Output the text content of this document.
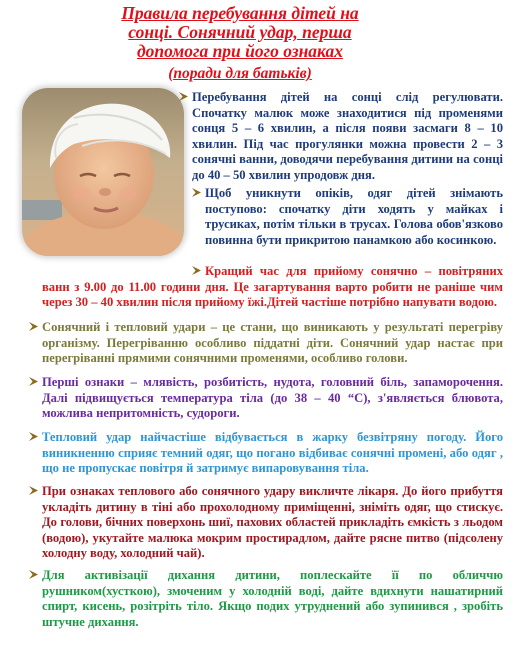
Правила перебування дітей на
сонці. Сонячний удар, перша
допомога при його ознаках

(поради для батьків)

Перебування дітей на сонці слід регулювати. Спочатку малюк може знаходитися під променями сонця 5 – 6 хвилин, а після появи засмаги 8 – 10 хвилин. Під час прогулянки можна провести 2 – 3 сонячні ванни, доводячи перебування дитини на сонці до 40 – 50 хвилин упродовж дня.

Щоб уникнути опіків, одяг дітей знімають поступово: спочатку діти ходять у майках і трусиках, потім тільки в трусах. Голова обов'язково повинна бути прикритою панамкою або косинкою.

Кращий час для прийому сонячно – повітряних ванн з 9.00 до 11.00 години дня. Це загартування варто робити не раніше чим через 30 – 40 хвилин після прийому їжі.Дітей частіше потрібно напувати водою.

Сонячний і тепловий удари – це стани, що виникають у результаті перегріву організму. Перегріванню особливо піддатні діти. Сонячний удар настає при перегріванні прямими сонячними променями, особливо голови.

Перші ознаки – млявість, розбитість, нудота, головний біль, запаморочення. Далі підвищується температура тіла (до 38 – 40 “С), з'являється блювота, можлива непритомність, судороги.

Тепловий удар найчастіше відбувається в жарку безвітряну погоду. Його виникненню сприяє темний одяг, що погано відбиває сонячні промені, або одяг , що не пропускає повітря й затримує випаровування тіла.

При ознаках теплового або сонячного удару викличте лікаря. До його прибуття укладіть дитину в тіні або прохолодному приміщенні, зніміть одяг, що стискує. До голови, бічних поверхонь шиї, пахових областей прикладіть ємкість з льодом (водою), укутайте малюка мокрим простирадлом, дайте рясне питво (підсолену холодну воду, холодний чай).

Для активізації дихання дитини, поплескайте її по обличчю рушником(хусткою), змоченим у холодній воді, дайте вдихнути нашатирний спирт, кисень, розітріть тіло. Якщо подих утруднений або зупинився , зробіть штучне дихання.
